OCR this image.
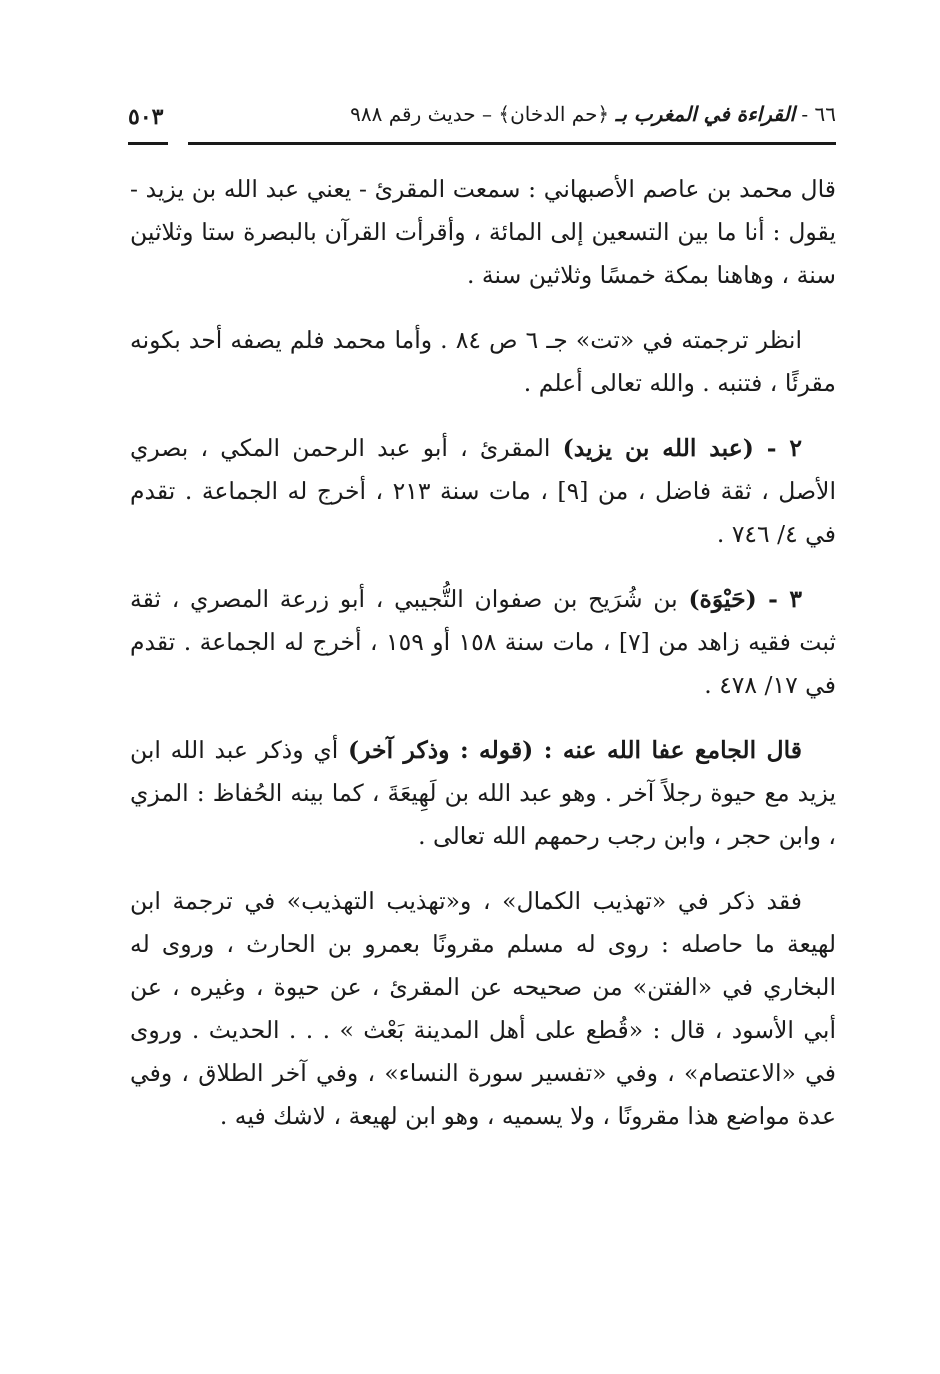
٦٦ - القراءة في المغرب بـ ﴿حم الدخان﴾ – حديث رقم ٩٨٨
٥٠٣

قال محمد بن عاصم الأصبهاني : سمعت المقرئ - يعني عبد الله بن يزيد - يقول : أنا ما بين التسعين إلى المائة ، وأقرأت القرآن بالبصرة ستا وثلاثين سنة ، وهاهنا بمكة خمسًا وثلاثين سنة .

انظر ترجمته في «تت» جـ ٦ ص ٨٤ . وأما محمد فلم يصفه أحد بكونه مقرئًا ، فتنبه . والله تعالى أعلم .

٢ - (عبد الله بن يزيد) المقرئ ، أبو عبد الرحمن المكي ، بصري الأصل ، ثقة فاضل ، من [٩] ، مات سنة ٢١٣ ، أخرج له الجماعة . تقدم في ٤/ ٧٤٦ .

٣ - (حَيْوَة) بن شُرَيح بن صفوان التُّجيبي ، أبو زرعة المصري ، ثقة ثبت فقيه زاهد من [٧] ، مات سنة ١٥٨ أو ١٥٩ ، أخرج له الجماعة . تقدم في ١٧/ ٤٧٨ .

قال الجامع عفا الله عنه : (قوله : وذكر آخر) أي وذكر عبد الله ابن يزيد مع حيوة رجلاً آخر . وهو عبد الله بن لَهِيعَةَ ، كما بينه الحُفاظ : المزي ، وابن حجر ، وابن رجب رحمهم الله تعالى .

فقد ذكر في «تهذيب الكمال» ، و«تهذيب التهذيب» في ترجمة ابن لهيعة ما حاصله : روى له مسلم مقرونًا بعمرو بن الحارث ، وروى له البخاري في «الفتن» من صحيحه عن المقرئ ، عن حيوة ، وغيره ، عن أبي الأسود ، قال : «قُطع على أهل المدينة بَعْث » . . . الحديث . وروى في «الاعتصام» ، وفي «تفسير سورة النساء» ، وفي آخر الطلاق ، وفي عدة مواضع هذا مقرونًا ، ولا يسميه ، وهو ابن لهيعة ، لاشك فيه .
